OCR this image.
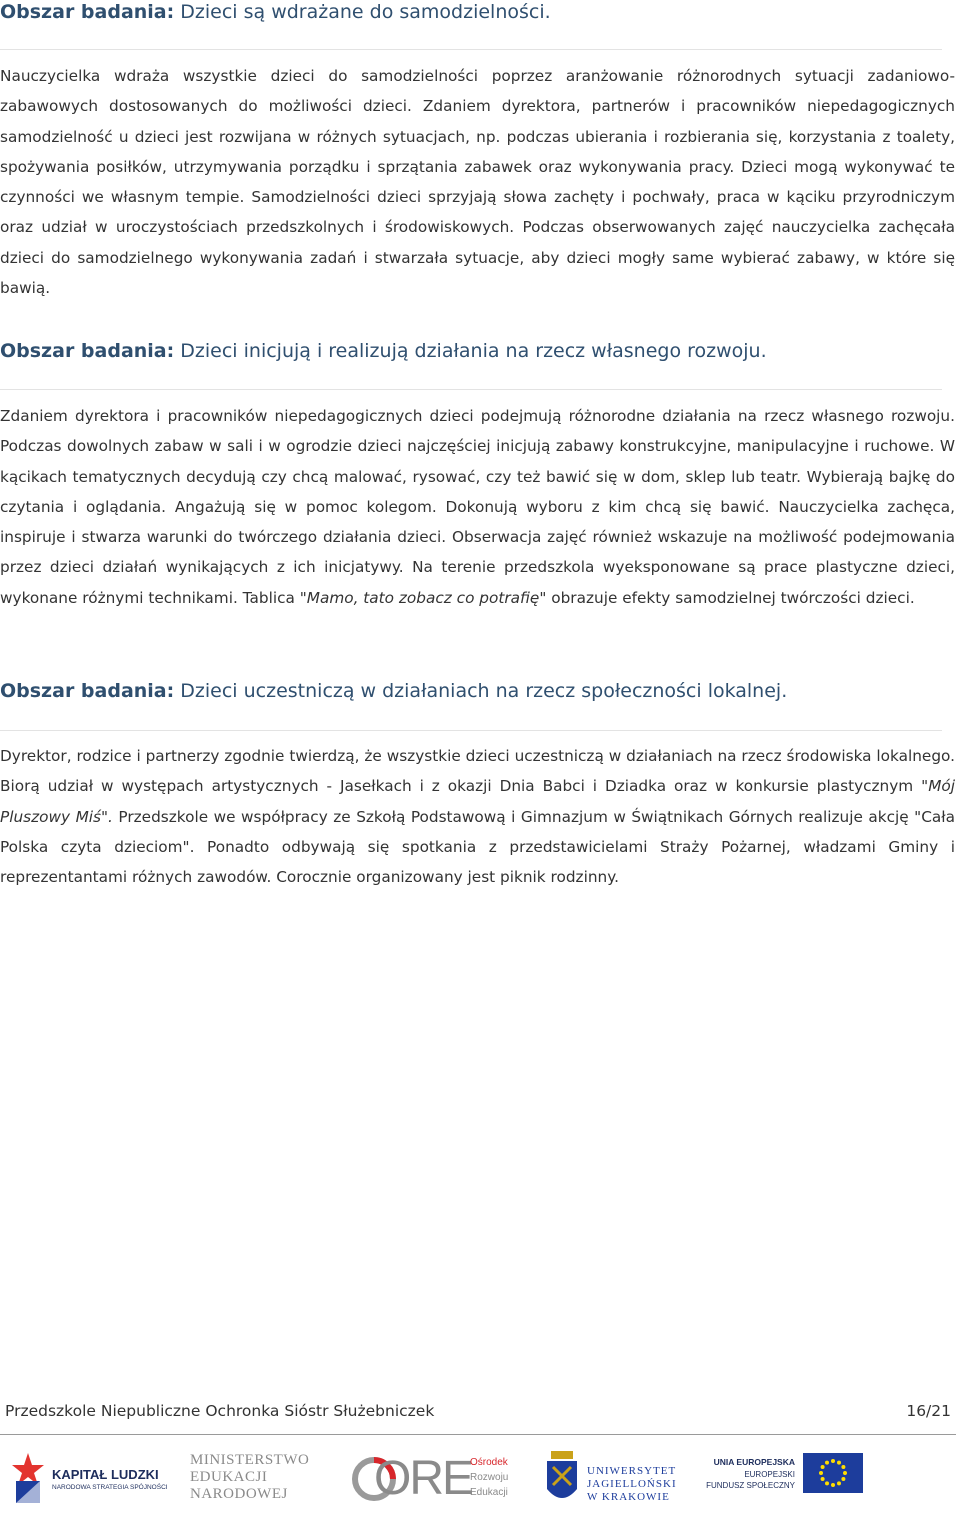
Obszar badania: Dzieci są wdrażane do samodzielności.

Nauczycielka wdraża wszystkie dzieci do samodzielności poprzez aranżowanie różnorodnych sytuacji zadaniowo-zabawowych dostosowanych do możliwości dzieci. Zdaniem dyrektora, partnerów i pracowników niepedagogicznych samodzielność u dzieci jest rozwijana w różnych sytuacjach, np. podczas ubierania i rozbierania się, korzystania z toalety, spożywania posiłków, utrzymywania porządku i sprzątania zabawek oraz wykonywania pracy. Dzieci mogą wykonywać te czynności we własnym tempie. Samodzielności dzieci sprzyjają słowa zachęty i pochwały, praca w kąciku przyrodniczym oraz udział w uroczystościach przedszkolnych i środowiskowych. Podczas obserwowanych zajęć nauczycielka zachęcała dzieci do samodzielnego wykonywania zadań i stwarzała sytuacje, aby dzieci mogły same wybierać zabawy, w które się bawią.

Obszar badania: Dzieci inicjują i realizują działania na rzecz własnego rozwoju.

Zdaniem dyrektora i pracowników niepedagogicznych dzieci podejmują różnorodne działania na rzecz własnego rozwoju. Podczas dowolnych zabaw w sali i w ogrodzie dzieci najczęściej inicjują zabawy konstrukcyjne, manipulacyjne i ruchowe. W kącikach tematycznych decydują czy chcą malować, rysować, czy też bawić się w dom, sklep lub teatr. Wybierają bajkę do czytania i oglądania. Angażują się w pomoc kolegom. Dokonują wyboru z kim chcą się bawić. Nauczycielka zachęca, inspiruje i stwarza warunki do twórczego działania dzieci. Obserwacja zajęć również wskazuje na możliwość podejmowania przez dzieci działań wynikających z ich inicjatywy. Na terenie przedszkola wyeksponowane są prace plastyczne dzieci, wykonane różnymi technikami. Tablica "Mamo, tato zobacz co potrafię" obrazuje efekty samodzielnej twórczości dzieci.

Obszar badania: Dzieci uczestniczą w działaniach na rzecz społeczności lokalnej.

Dyrektor, rodzice i partnerzy zgodnie twierdzą, że wszystkie dzieci uczestniczą w działaniach na rzecz środowiska lokalnego. Biorą udział w występach artystycznych - Jasełkach i z okazji Dnia Babci i Dziadka oraz w konkursie plastycznym "Mój Pluszowy Miś". Przedszkole we współpracy ze Szkołą Podstawową i Gimnazjum w Świątnikach Górnych realizuje akcję "Cała Polska czyta dzieciom". Ponadto odbywają się spotkania z przedstawicielami Straży Pożarnej, władzami Gminy i reprezentantami różnych zawodów. Corocznie organizowany jest piknik rodzinny.

Przedszkole Niepubliczne Ochronka Sióstr Służebniczek	16/21
KAPITAŁ LUDZKI
NARODOWA STRATEGIA SPÓJNOŚCI
MINISTERSTWO
EDUKACJI
NARODOWEJ ORE
Ośrodek
Rozwoju
Edukacji
UNIWERSYTET
JAGIELLOŃSKI
W KRAKOWIE
UNIA EUROPEJSKA
EUROPEJSKI
FUNDUSZ SPOŁECZNY
